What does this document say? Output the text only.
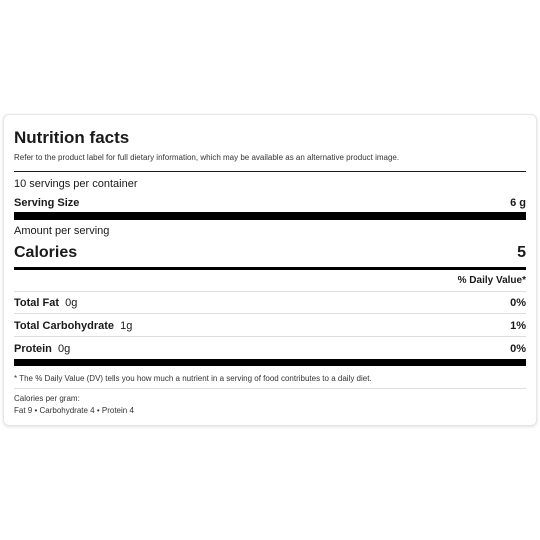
Nutrition facts
Refer to the product label for full dietary information, which may be available as an alternative product image.
10 servings per container
Serving Size	6 g
Amount per serving
Calories	5
% Daily Value*
Total Fat 0g	0%
Total Carbohydrate 1g	1%
Protein 0g	0%
* The % Daily Value (DV) tells you how much a nutrient in a serving of food contributes to a daily diet.
Calories per gram:
Fat 9 • Carbohydrate 4 • Protein 4
